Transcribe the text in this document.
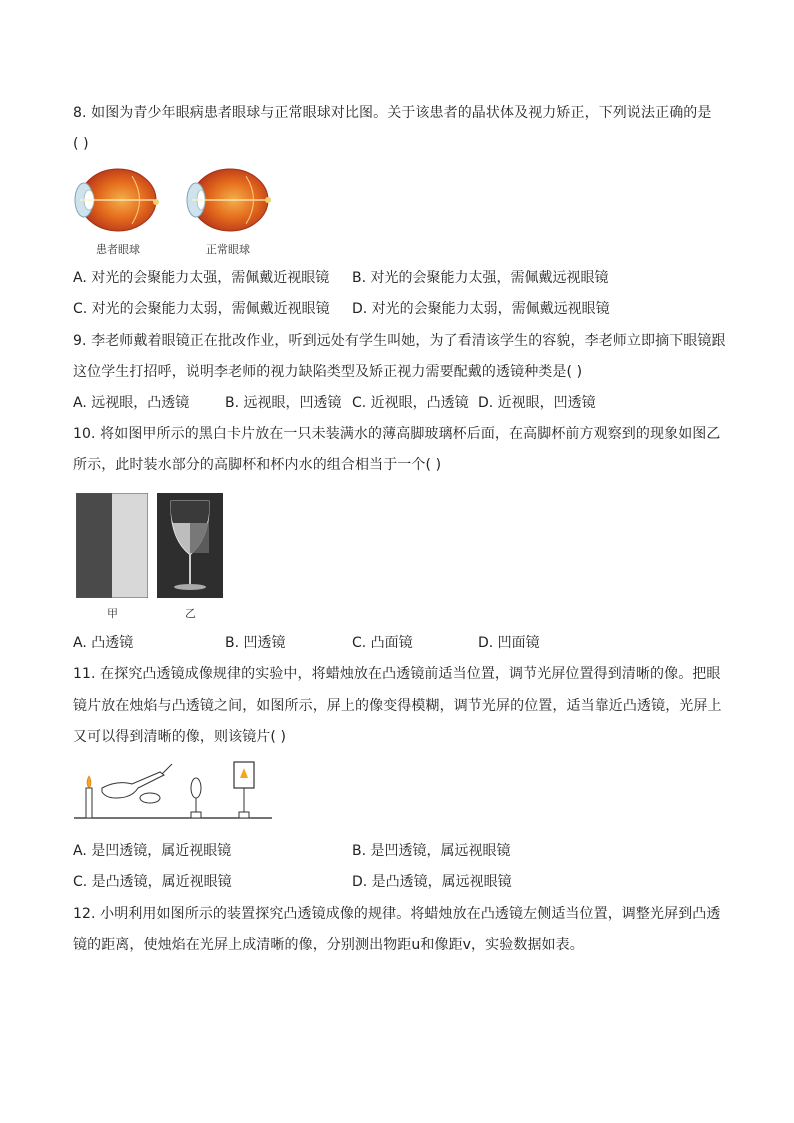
8. 如图为青少年眼病患者眼球与正常眼球对比图。关于该患者的晶状体及视力矫正，下列说法正确的是
( )
患者眼球	正常眼球
A. 对光的会聚能力太强，需佩戴近视眼镜 B. 对光的会聚能力太强，需佩戴远视眼镜
C. 对光的会聚能力太弱，需佩戴近视眼镜 D. 对光的会聚能力太弱，需佩戴远视眼镜
9. 李老师戴着眼镜正在批改作业，听到远处有学生叫她，为了看清该学生的容貌，李老师立即摘下眼镜跟
这位学生打招呼，说明李老师的视力缺陷类型及矫正视力需要配戴的透镜种类是( )
A. 远视眼，凸透镜	B. 远视眼，凹透镜 C. 近视眼，凸透镜 D. 近视眼，凹透镜
10. 将如图甲所示的黑白卡片放在一只未装满水的薄高脚玻璃杯后面，在高脚杯前方观察到的现象如图乙
所示，此时装水部分的高脚杯和杯内水的组合相当于一个( )
甲	乙
A. 凸透镜	B. 凹透镜	C. 凸面镜	D. 凹面镜
11. 在探究凸透镜成像规律的实验中，将蜡烛放在凸透镜前适当位置，调节光屏位置得到清晰的像。把眼
镜片放在烛焰与凸透镜之间，如图所示，屏上的像变得模糊，调节光屏的位置，适当靠近凸透镜，光屏上
又可以得到清晰的像，则该镜片( )
A. 是凹透镜，属近视眼镜	B. 是凹透镜，属远视眼镜
C. 是凸透镜，属近视眼镜	D. 是凸透镜，属远视眼镜
12. 小明利用如图所示的装置探究凸透镜成像的规律。将蜡烛放在凸透镜左侧适当位置，调整光屏到凸透
镜的距离，使烛焰在光屏上成清晰的像，分别测出物距u和像距v，实验数据如表。
